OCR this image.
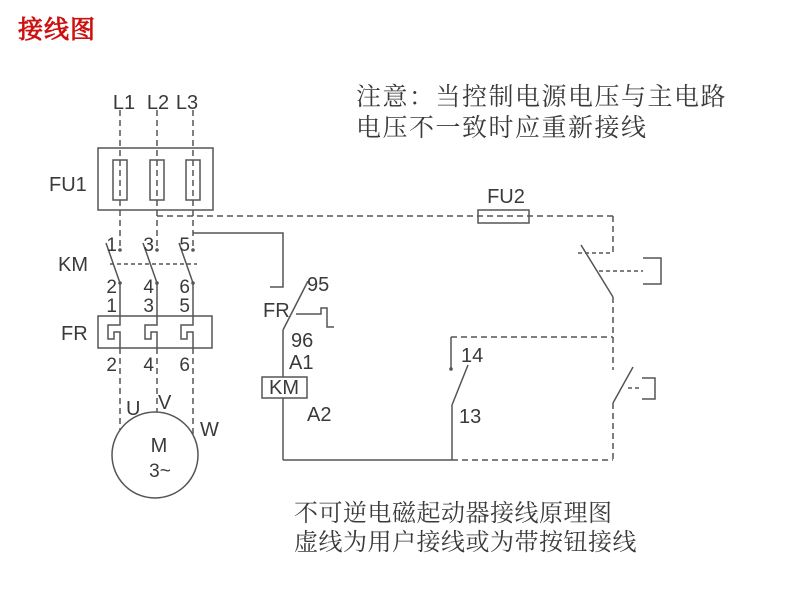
接线图
注意：当控制电源电压与主电路
电压不一致时应重新接线
L1 L2 L3
FU1
KM
FR
1 3 5
2 4 6
1 3 5
2 4 6
U V
W
M
3~
FU2
95
FR
96
A1
KM
A2
14
13
不可逆电磁起动器接线原理图
虚线为用户接线或为带按钮接线
